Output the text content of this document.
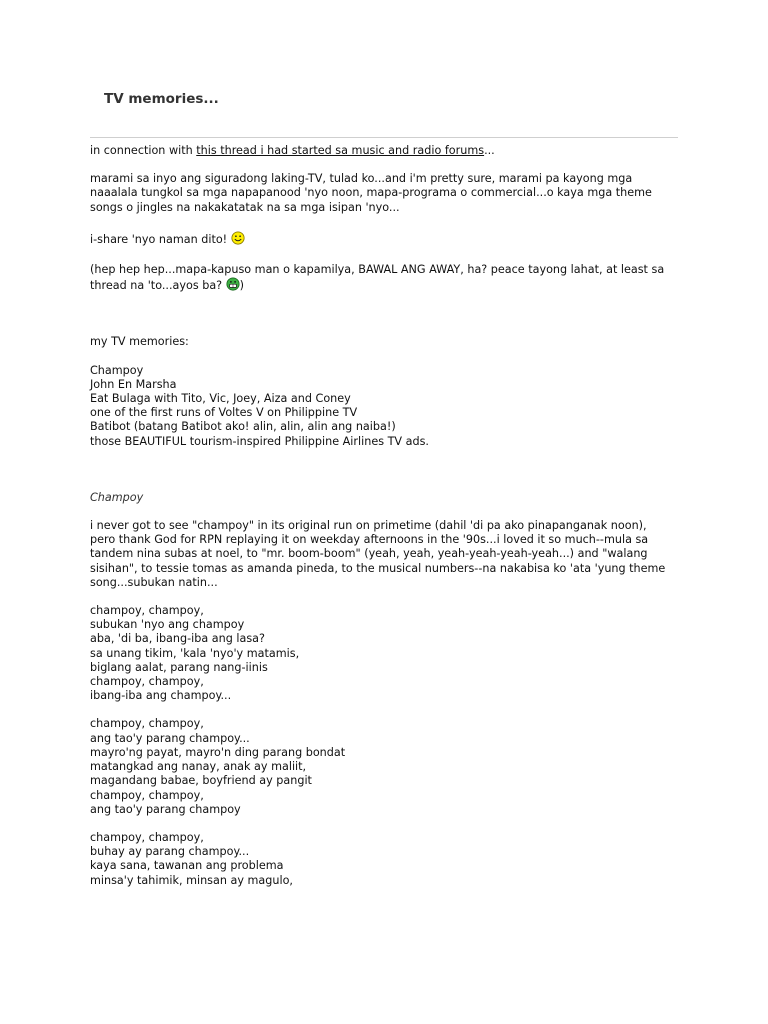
TV memories...

in connection with this thread i had started sa music and radio forums...

marami sa inyo ang siguradong laking-TV, tulad ko...and i'm pretty sure, marami pa kayong mga
naaalala tungkol sa mga napapanood 'nyo noon, mapa-programa o commercial...o kaya mga theme
songs o jingles na nakakatatak na sa mga isipan 'nyo...

i-share 'nyo naman dito!

(hep hep hep...mapa-kapuso man o kapamilya, BAWAL ANG AWAY, ha? peace tayong lahat, at least sa
thread na 'to...ayos ba? )

my TV memories:

Champoy
John En Marsha
Eat Bulaga with Tito, Vic, Joey, Aiza and Coney
one of the first runs of Voltes V on Philippine TV
Batibot (batang Batibot ako! alin, alin, alin ang naiba!)
those BEAUTIFUL tourism-inspired Philippine Airlines TV ads.

Champoy

i never got to see "champoy" in its original run on primetime (dahil 'di pa ako pinapanganak noon),
pero thank God for RPN replaying it on weekday afternoons in the '90s...i loved it so much--mula sa
tandem nina subas at noel, to "mr. boom-boom" (yeah, yeah, yeah-yeah-yeah-yeah...) and "walang
sisihan", to tessie tomas as amanda pineda, to the musical numbers--na nakabisa ko 'ata 'yung theme
song...subukan natin...

champoy, champoy,
subukan 'nyo ang champoy
aba, 'di ba, ibang-iba ang lasa?
sa unang tikim, 'kala 'nyo'y matamis,
biglang aalat, parang nang-iinis
champoy, champoy,
ibang-iba ang champoy...

champoy, champoy,
ang tao'y parang champoy...
mayro'ng payat, mayro'n ding parang bondat
matangkad ang nanay, anak ay maliit,
magandang babae, boyfriend ay pangit
champoy, champoy,
ang tao'y parang champoy

champoy, champoy,
buhay ay parang champoy...
kaya sana, tawanan ang problema
minsa'y tahimik, minsan ay magulo,
